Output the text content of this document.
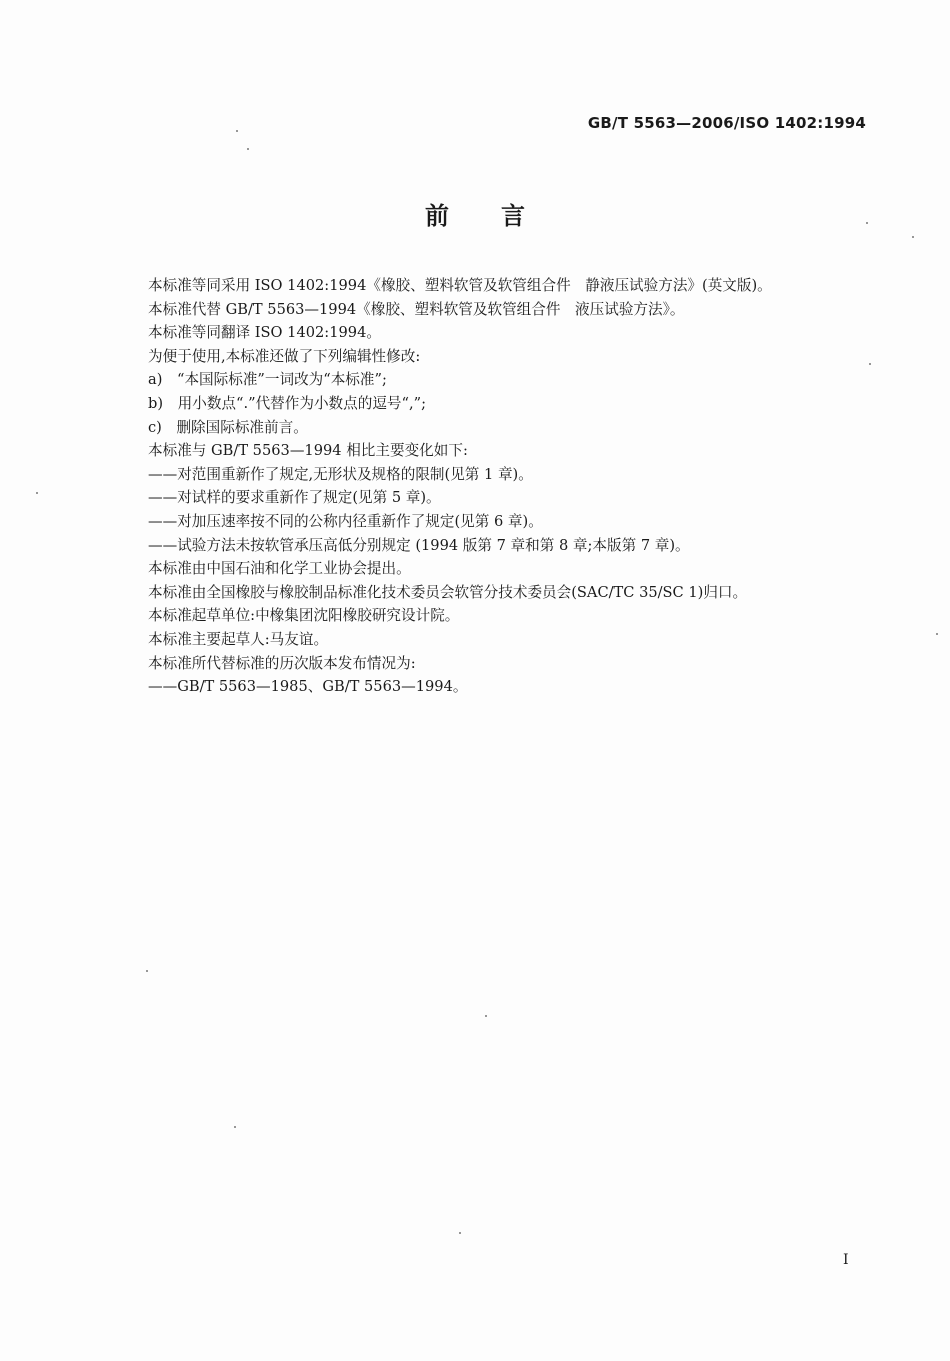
GB/T 5563—2006/ISO 1402:1994
前言
本标准等同采用 ISO 1402:1994《橡胶、塑料软管及软管组合件　静液压试验方法》(英文版)。
本标准代替 GB/T 5563—1994《橡胶、塑料软管及软管组合件　液压试验方法》。
本标准等同翻译 ISO 1402:1994。
为便于使用,本标准还做了下列编辑性修改:
a)　“本国际标准”一词改为“本标准”;
b)　用小数点“.”代替作为小数点的逗号“,”;
c)　删除国际标准前言。
本标准与 GB/T 5563—1994 相比主要变化如下:
——对范围重新作了规定,无形状及规格的限制(见第 1 章)。
——对试样的要求重新作了规定(见第 5 章)。
——对加压速率按不同的公称内径重新作了规定(见第 6 章)。
——试验方法未按软管承压高低分别规定 (1994 版第 7 章和第 8 章;本版第 7 章)。
本标准由中国石油和化学工业协会提出。
本标准由全国橡胶与橡胶制品标准化技术委员会软管分技术委员会(SAC/TC 35/SC 1)归口。
本标准起草单位:中橡集团沈阳橡胶研究设计院。
本标准主要起草人:马友谊。
本标准所代替标准的历次版本发布情况为:
——GB/T 5563—1985、GB/T 5563—1994。
I
